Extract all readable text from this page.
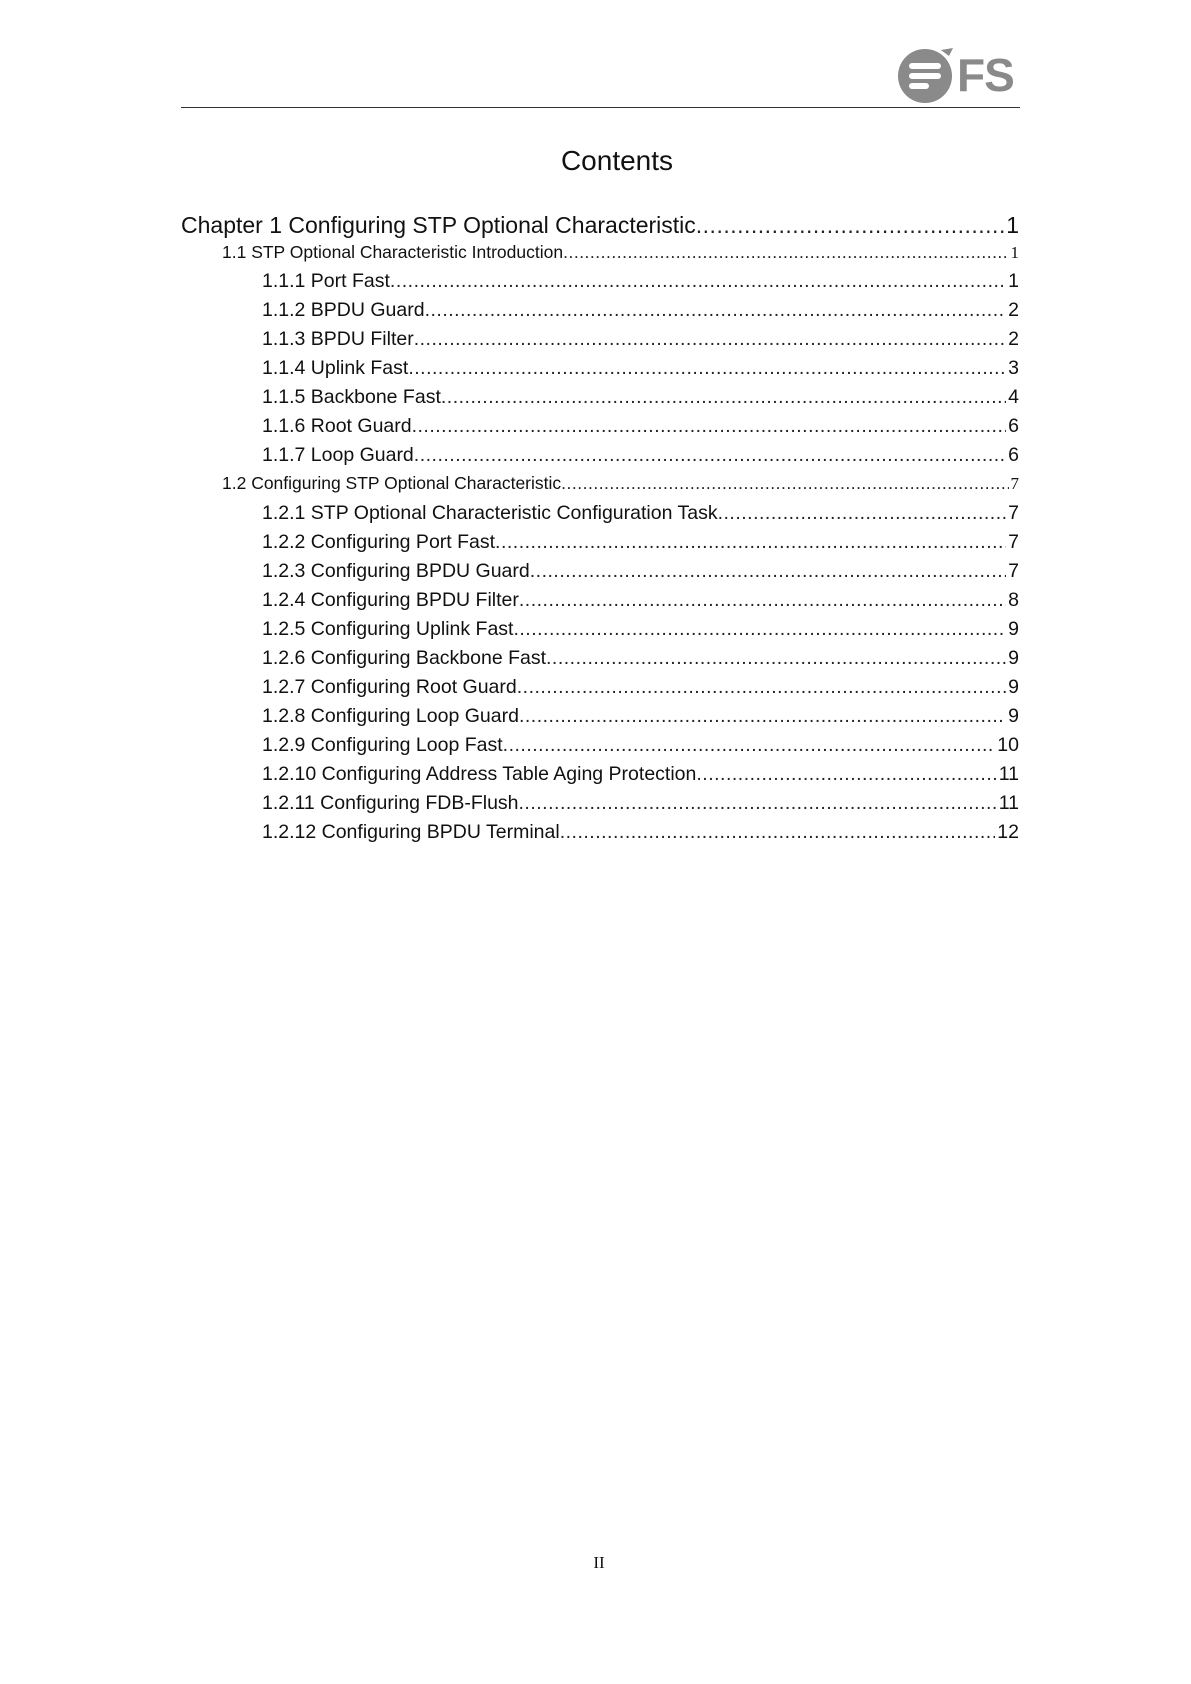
FS
Contents
Chapter 1 Configuring STP Optional Characteristic .....	1
1.1 STP Optional Characteristic Introduction .....	1
1.1.1 Port Fast .....	1
1.1.2 BPDU Guard .....	2
1.1.3 BPDU Filter .....	2
1.1.4 Uplink Fast .....	3
1.1.5 Backbone Fast .....	4
1.1.6 Root Guard .....	6
1.1.7 Loop Guard .....	6
1.2 Configuring STP Optional Characteristic .....	7
1.2.1 STP Optional Characteristic Configuration Task .....	7
1.2.2 Configuring Port Fast .....	7
1.2.3 Configuring BPDU Guard .....	7
1.2.4 Configuring BPDU Filter .....	8
1.2.5 Configuring Uplink Fast .....	9
1.2.6 Configuring Backbone Fast .....	9
1.2.7 Configuring Root Guard .....	9
1.2.8 Configuring Loop Guard .....	9
1.2.9 Configuring Loop Fast .....	10
1.2.10 Configuring Address Table Aging Protection .....	11
1.2.11 Configuring FDB-Flush .....	11
1.2.12 Configuring BPDU Terminal .....	12
II
